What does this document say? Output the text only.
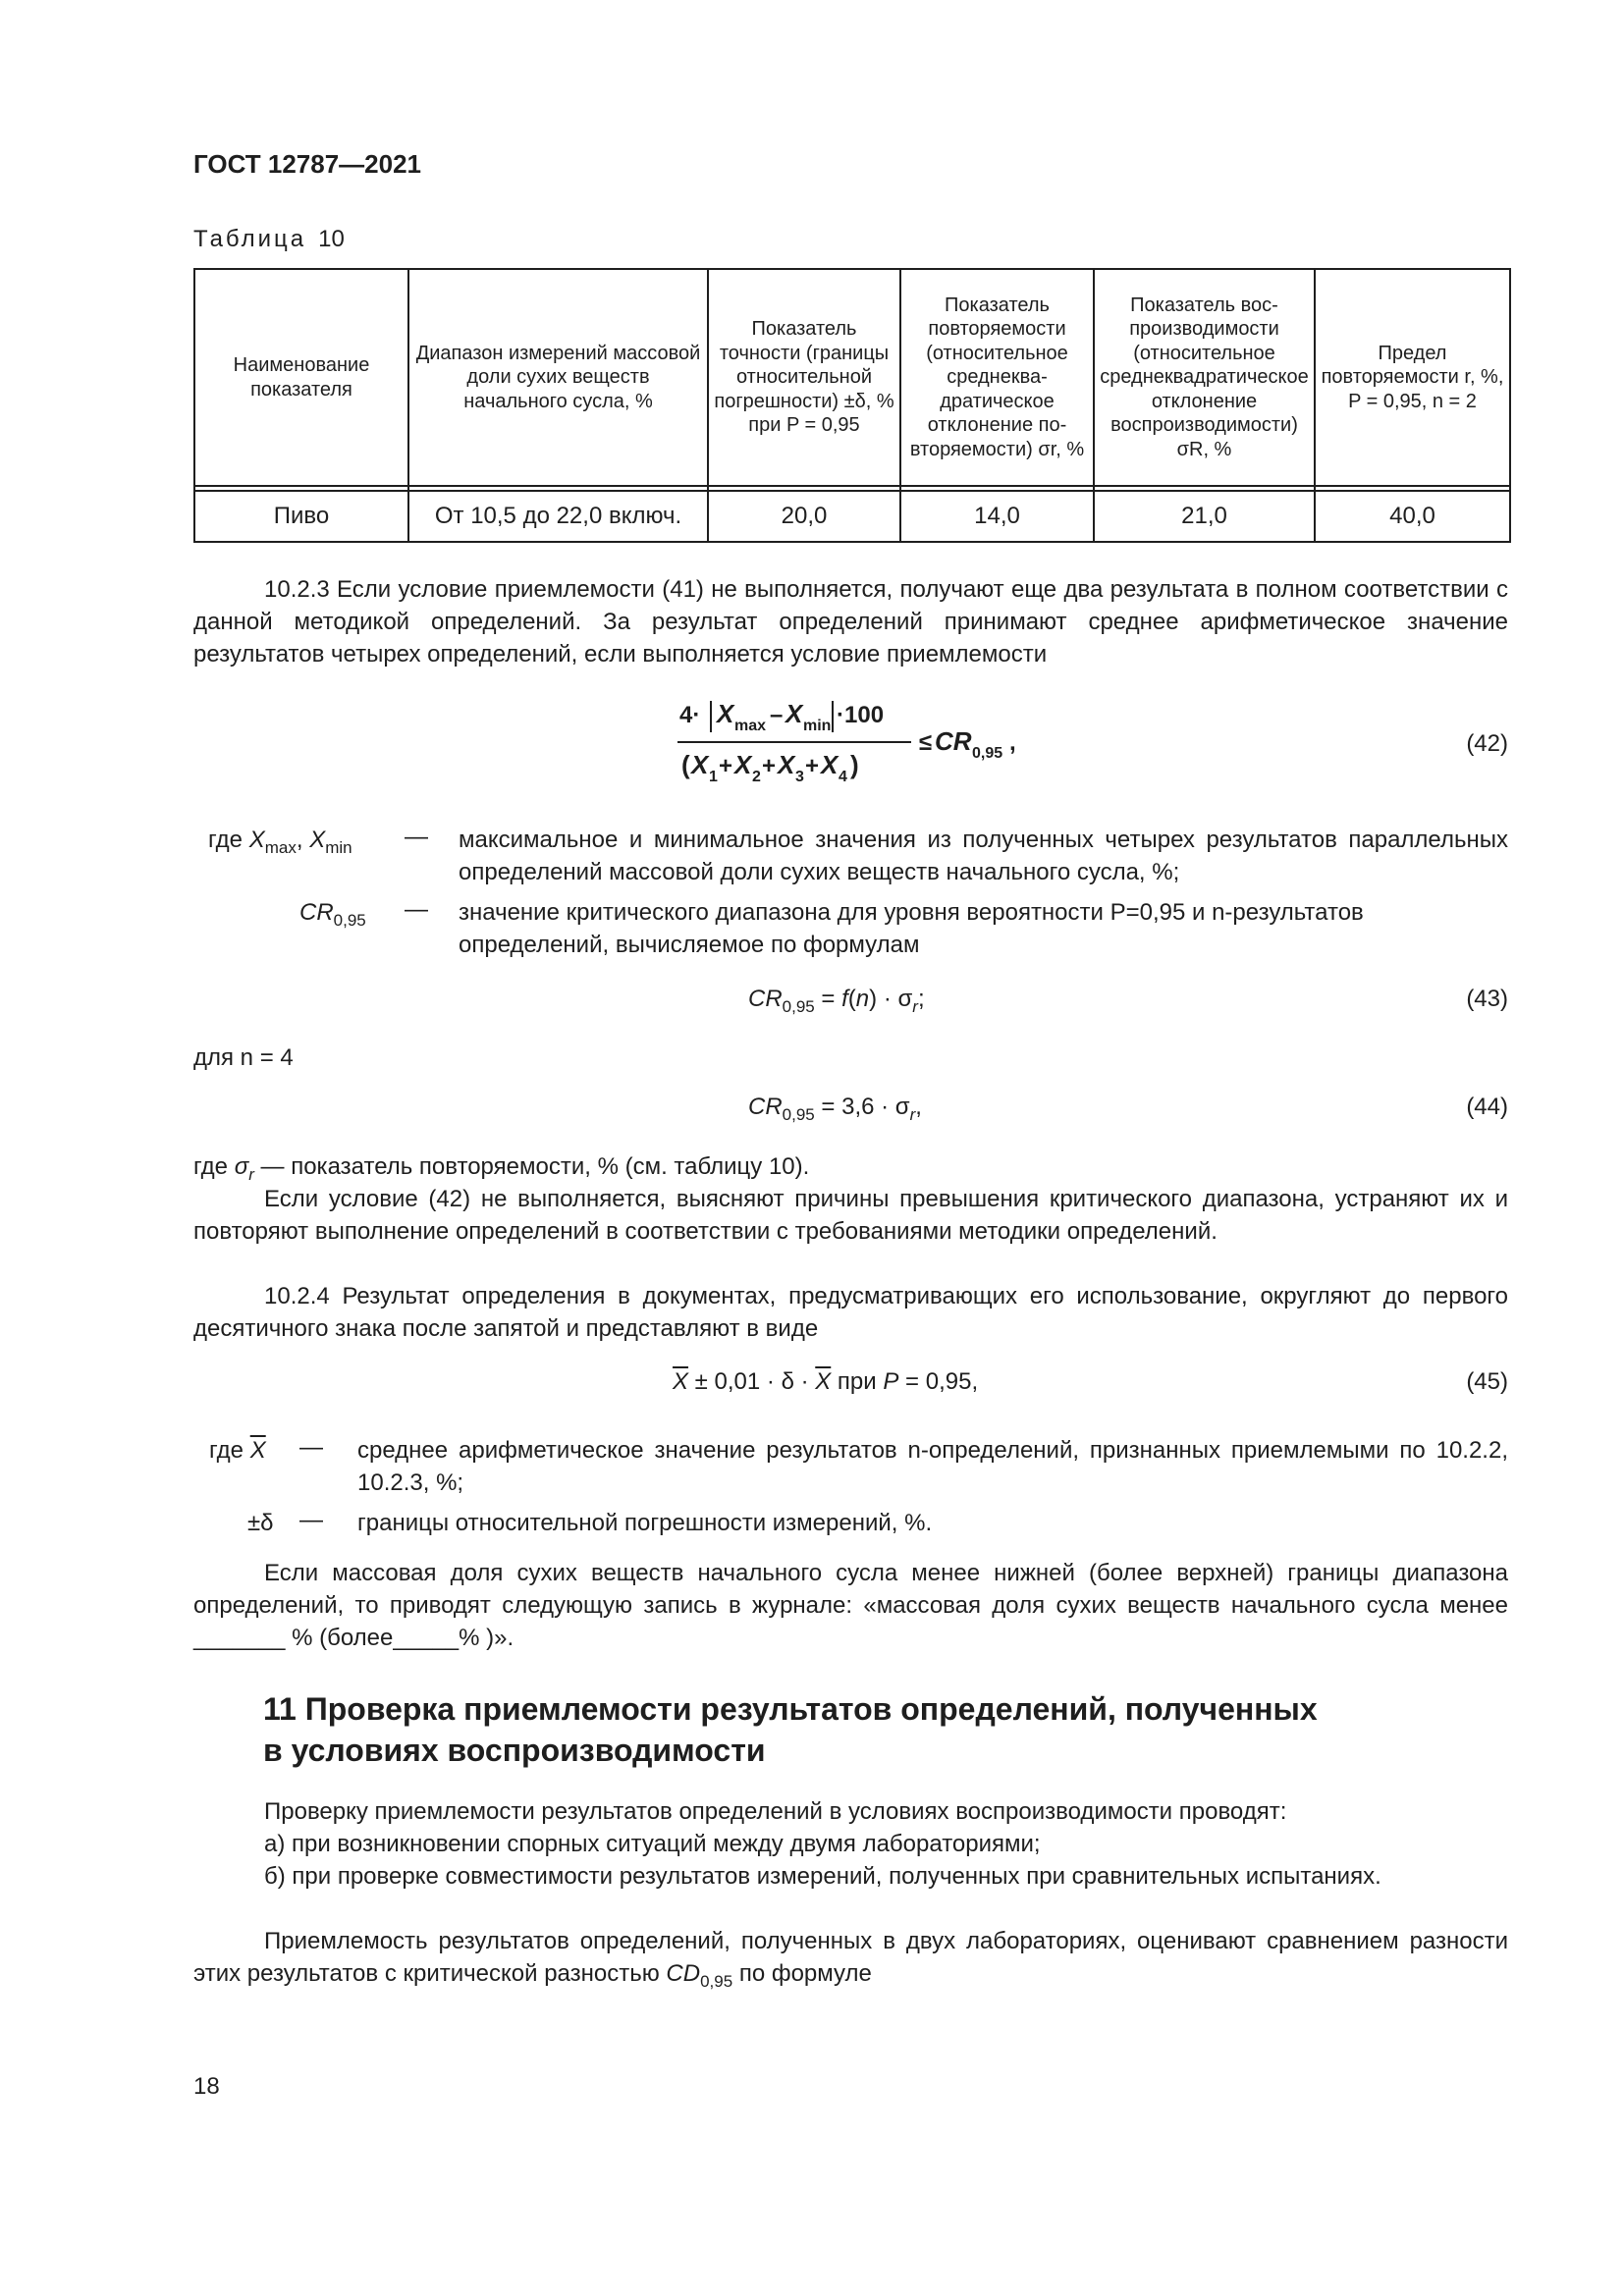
ГОСТ 12787—2021
Таблица 10
Наименование показателя	Диапазон измерений массовой доли сухих веществ начального сусла, %	Показатель точности (границы относительной погрешности) ±δ, % при P = 0,95	Показатель повторяемости (относительное среднеквадратическое отклонение повторяемости) σr, %	Показатель воспроизводимости (относительное среднеквадратическое отклонение воспроизводимости) σR, %	Предел повторяемости r, %, P = 0,95, n = 2

Пиво	От 10,5 до 22,0 включ.	20,0	14,0	21,0	40,0
10.2.3 Если условие приемлемости (41) не выполняется, получают еще два результата в полном соответствии с данной методикой определений. За результат определений принимают среднее арифметическое значение результатов четырех определений, если выполняется условие приемлемости
4· X max – X min ·100
( X 1 + X 2 + X 3 + X 4 )
≤ CR 0,95 ,	(42)
где $X_{max}$, $X_{min}$ — максимальное и минимальное значения из полученных четырех результатов параллельных определений массовой доли сухих веществ начального сусла, %;
$CR_{0,95}$ — значение критического диапазона для уровня вероятности P=0,95 и n-результатов определений, вычисляемое по формулам
$CR_{0,95} = f(n) \cdot \sigma_r$;	(43)
для n = 4
$CR_{0,95} = 3,6 \cdot \sigma_r$,	(44)
где $\sigma_r$ — показатель повторяемости, % (см. таблицу 10).
Если условие (42) не выполняется, выясняют причины превышения критического диапазона, устраняют их и повторяют выполнение определений в соответствии с требованиями методики определений.
10.2.4 Результат определения в документах, предусматривающих его использование, округляют до первого десятичного знака после запятой и представляют в виде
$\overline{X} \pm 0,01 \cdot \delta \cdot \overline{X}$ при P = 0,95,	(45)
где $\overline{X}$ — среднее арифметическое значение результатов n-определений, признанных приемлемыми по 10.2.2, 10.2.3, %;
±δ — границы относительной погрешности измерений, %.
Если массовая доля сухих веществ начального сусла менее нижней (более верхней) границы диапазона определений, то приводят следующую запись в журнале: «массовая доля сухих веществ начального сусла менее _______ % (более_____% )».
11 Проверка приемлемости результатов определений, полученных
в условиях воспроизводимости
Проверку приемлемости результатов определений в условиях воспроизводимости проводят:
а) при возникновении спорных ситуаций между двумя лабораториями;
б) при проверке совместимости результатов измерений, полученных при сравнительных испытаниях.
Приемлемость результатов определений, полученных в двух лабораториях, оценивают сравнением разности этих результатов с критической разностью $CD_{0,95}$ по формуле
18
